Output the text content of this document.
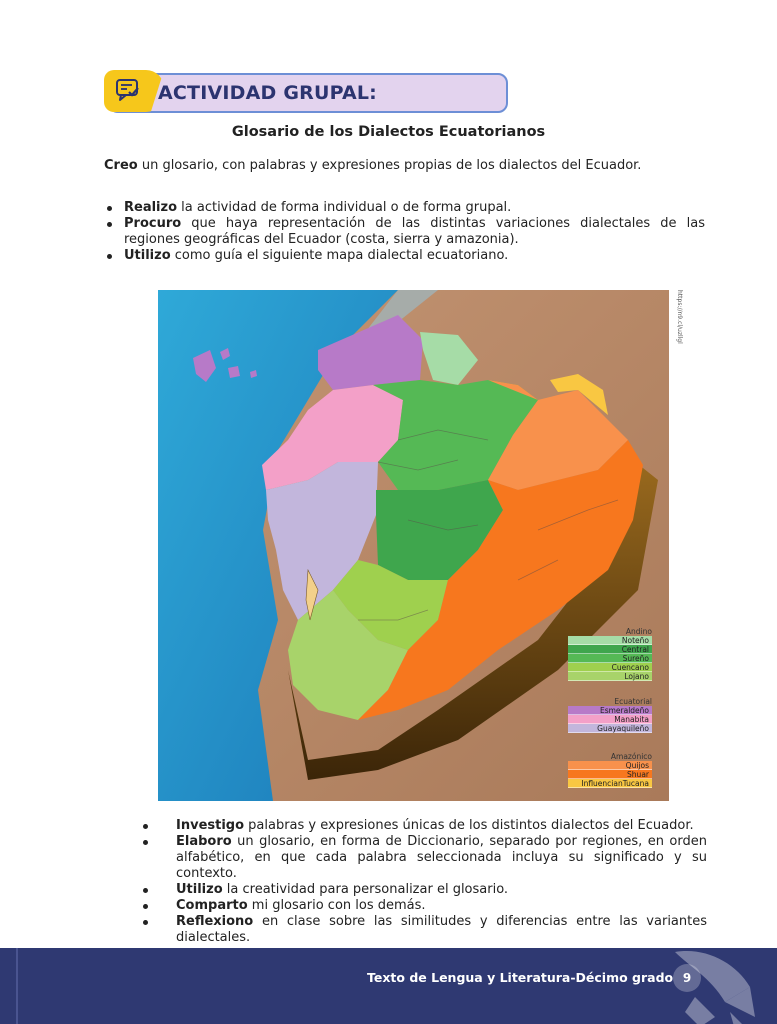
ACTIVIDAD GRUPAL:
Glosario de los Dialectos Ecuatorianos

Creo un glosario, con palabras y expresiones propias de los dialectos del Ecuador.

Realizo la actividad de forma individual o de forma grupal.
Procuro que haya representación de las distintas variaciones dialectales de las regiones geográficas del Ecuador (costa, sierra y amazonia).
Utilizo como guía el siguiente mapa dialectal ecuatoriano.
Andino
Noteño
Central
Sureño
Cuencano
Lojano
Ecuatorial
Esmeraldeño
Manabita
Guayaquileño
Amazónico
Quijos
Shuar
InfluencianTucana
https://n9.cl/uzllgl
Investigo palabras y expresiones únicas de los distintos dialectos del Ecuador.
Elaboro un glosario, en forma de Diccionario, separado por regiones, en orden alfabético, en que cada palabra seleccionada incluya su significado y su contexto.
Utilizo la creatividad para personalizar el glosario.
Comparto mi glosario con los demás.
Reflexiono en clase sobre las similitudes y diferencias entre las variantes dialectales.
Texto de Lengua y Literatura-Décimo grado 9
